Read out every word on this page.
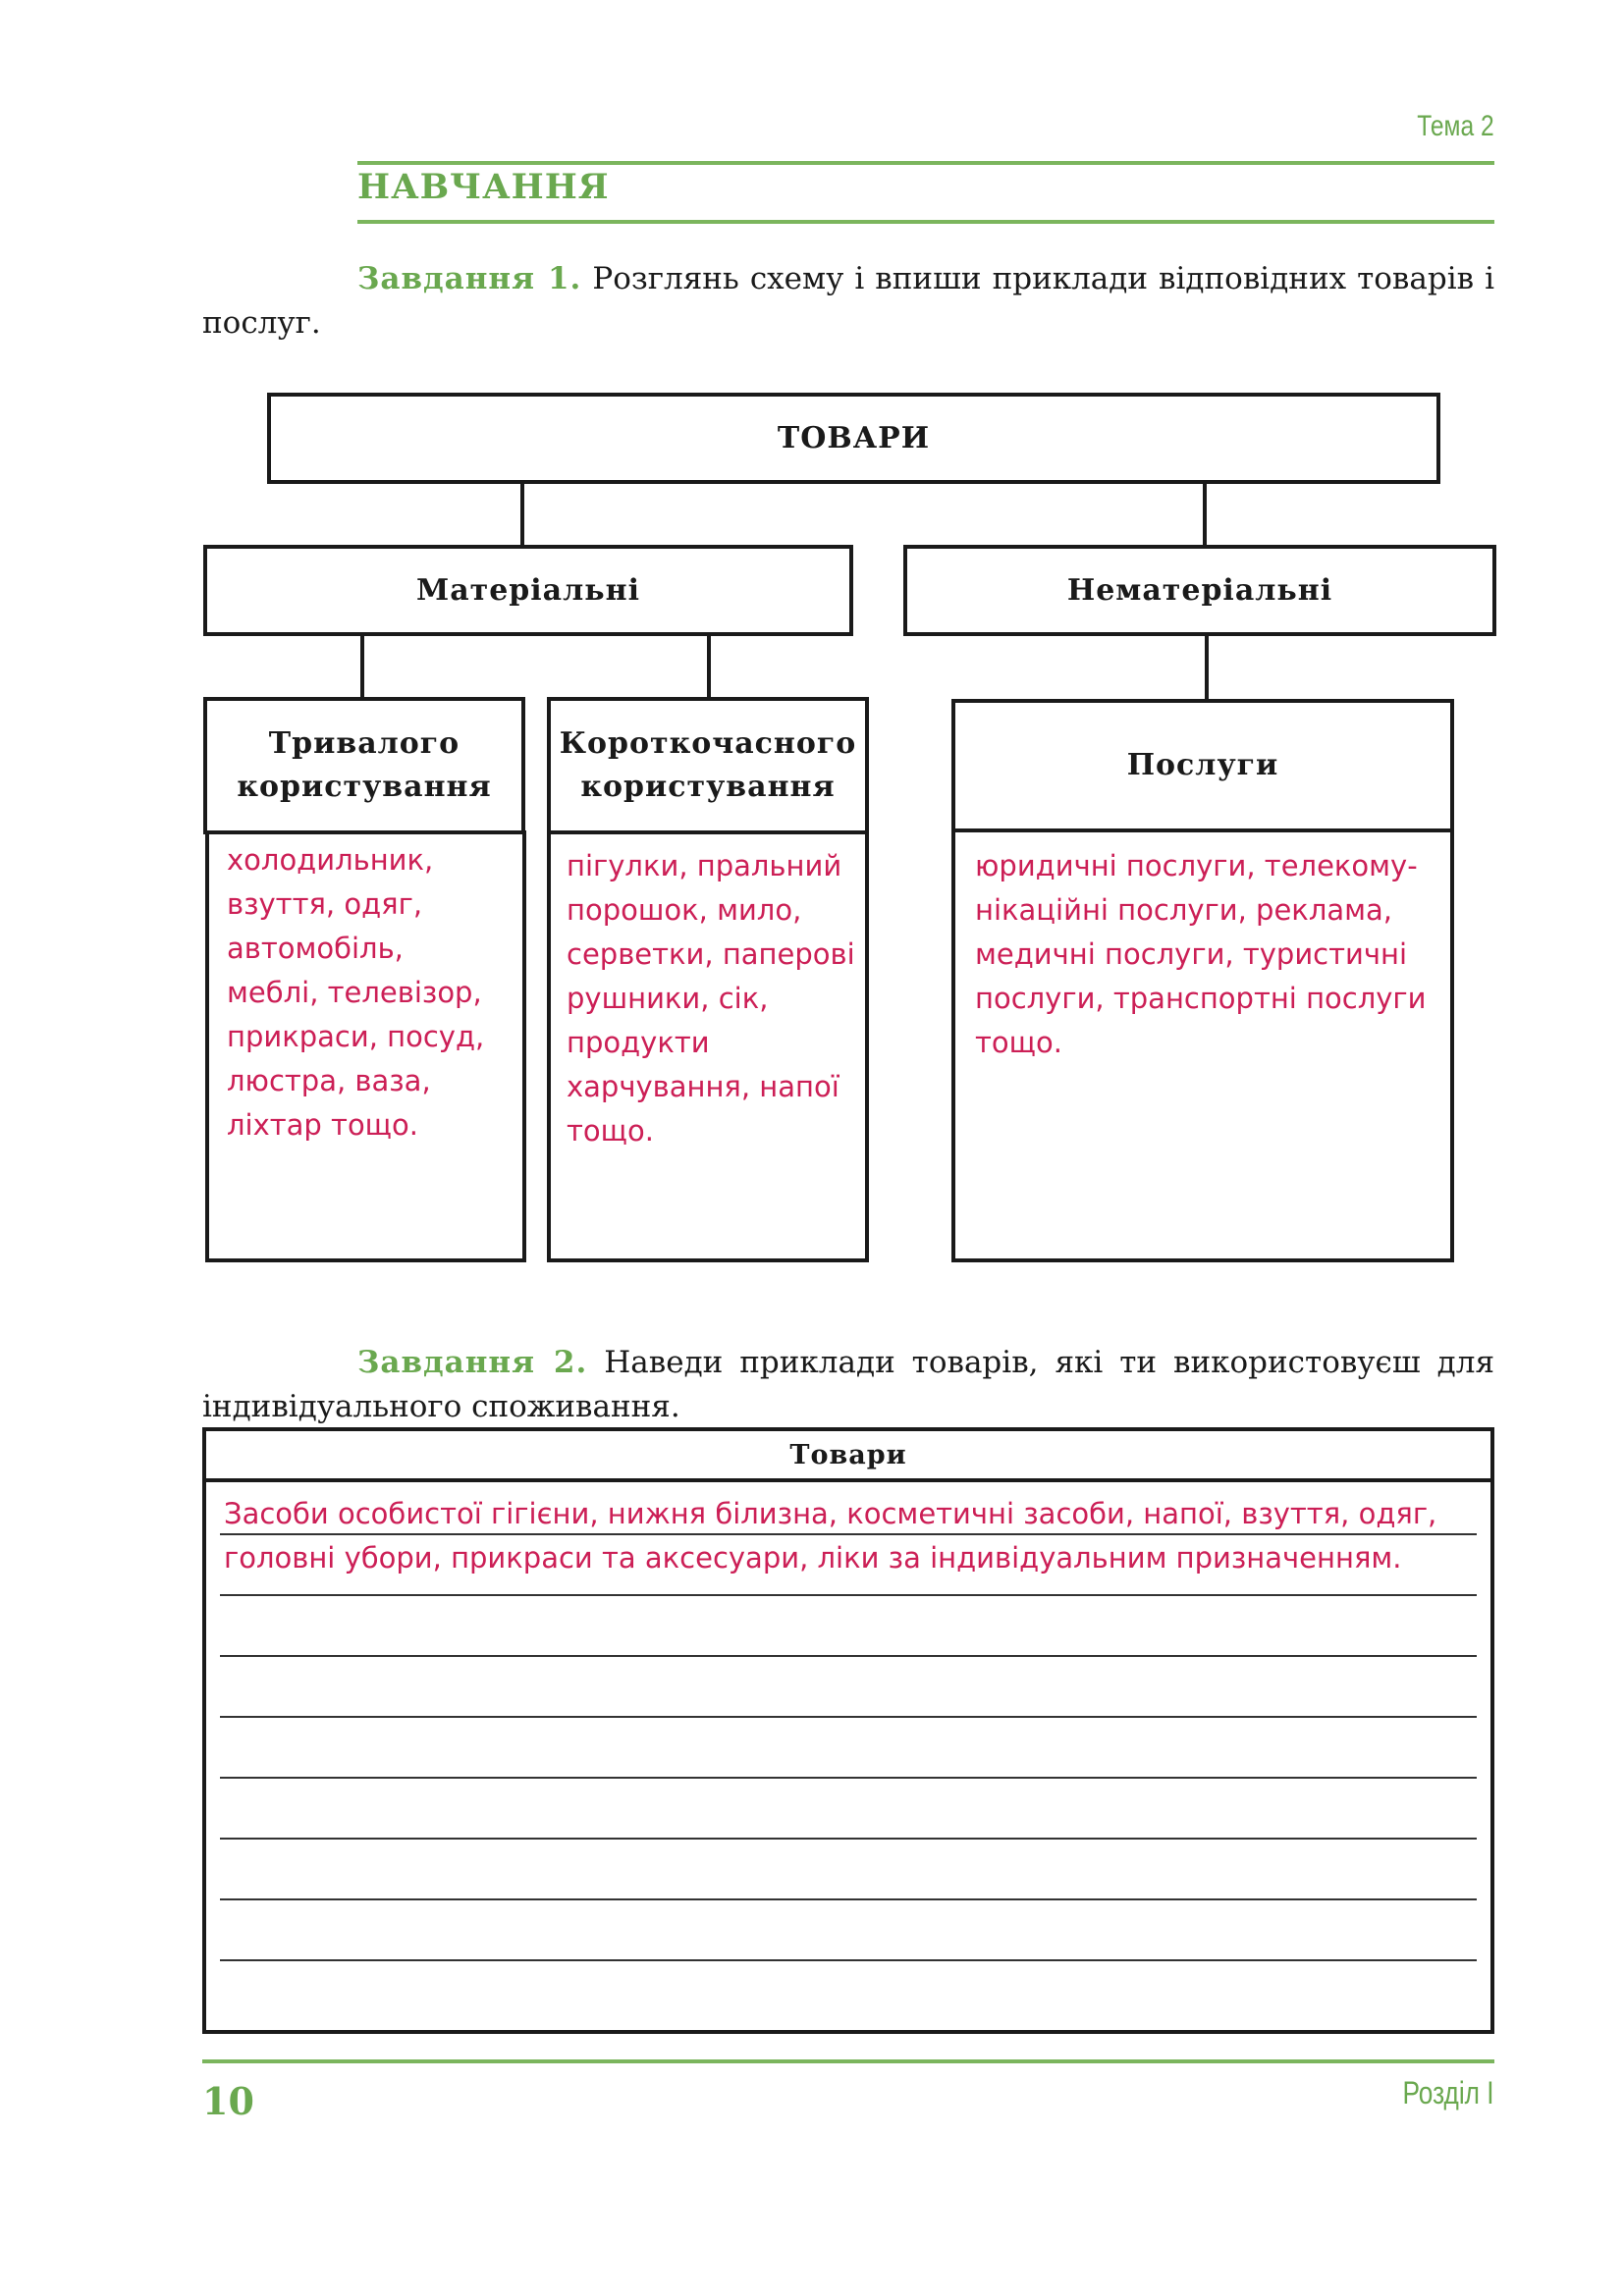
Тема 2
НАВЧАННЯ
Завдання 1. Розглянь схему і впиши приклади відповідних товарів і послуг.
ТОВАРИ
Матеріальні	Нематеріальні
Тривалого
користування
Короткочасного
користування
Послуги
холодильник,
взуття, одяг,
автомобіль,
меблі, телевізор,
прикраси, посуд,
люстра, ваза,
ліхтар тощо.
пігулки, пральний
порошок, мило,
серветки, паперові
рушники, сік,
продукти
харчування, напої
тощо.
юридичні послуги, телекому-
нікаційні послуги, реклама,
медичні послуги, туристичні
послуги, транспортні послуги
тощо.
Завдання 2. Наведи приклади товарів, які ти використовуєш для індивідуального споживання.
Товари
Засоби особистої гігієни, нижня білизна, косметичні засоби, напої, взуття, одяг,
головні убори, прикраси та аксесуари, ліки за індивідуальним призначенням.
10	Розділ І
